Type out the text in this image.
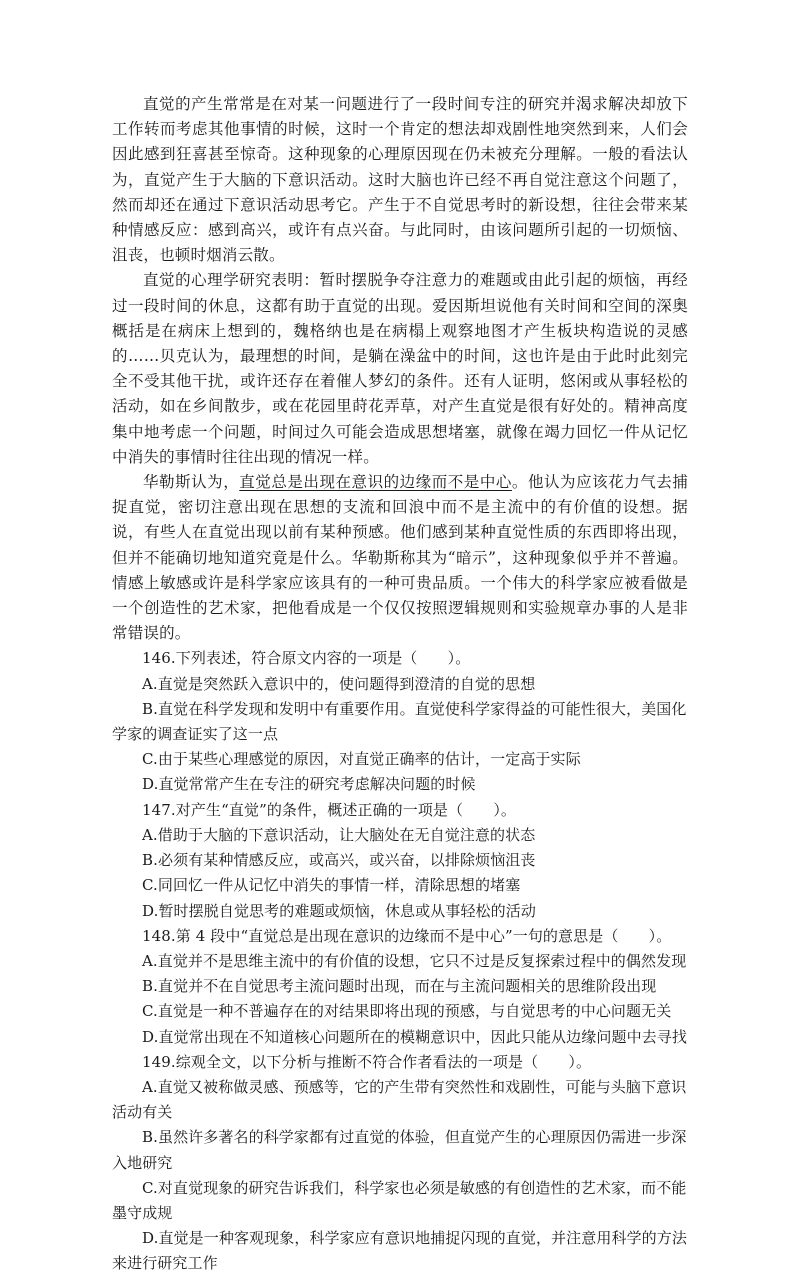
直觉的产生常常是在对某一问题进行了一段时间专注的研究并渴求解决却放下工作转而考虑其他事情的时候，这时一个肯定的想法却戏剧性地突然到来，人们会因此感到狂喜甚至惊奇。这种现象的心理原因现在仍未被充分理解。一般的看法认为，直觉产生于大脑的下意识活动。这时大脑也许已经不再自觉注意这个问题了，然而却还在通过下意识活动思考它。产生于不自觉思考时的新设想，往往会带来某种情感反应：感到高兴，或许有点兴奋。与此同时，由该问题所引起的一切烦恼、沮丧，也顿时烟消云散。

直觉的心理学研究表明：暂时摆脱争夺注意力的难题或由此引起的烦恼，再经过一段时间的休息，这都有助于直觉的出现。爱因斯坦说他有关时间和空间的深奥概括是在病床上想到的，魏格纳也是在病榻上观察地图才产生板块构造说的灵感的……贝克认为，最理想的时间，是躺在澡盆中的时间，这也许是由于此时此刻完全不受其他干扰，或许还存在着催人梦幻的条件。还有人证明，悠闲或从事轻松的活动，如在乡间散步，或在花园里莳花弄草，对产生直觉是很有好处的。精神高度集中地考虑一个问题，时间过久可能会造成思想堵塞，就像在竭力回忆一件从记忆中消失的事情时往往出现的情况一样。

华勒斯认为，直觉总是出现在意识的边缘而不是中心。他认为应该花力气去捕捉直觉，密切注意出现在思想的支流和回浪中而不是主流中的有价值的设想。据说，有些人在直觉出现以前有某种预感。他们感到某种直觉性质的东西即将出现，但并不能确切地知道究竟是什么。华勒斯称其为“暗示”，这种现象似乎并不普遍。情感上敏感或许是科学家应该具有的一种可贵品质。一个伟大的科学家应被看做是一个创造性的艺术家，把他看成是一个仅仅按照逻辑规则和实验规章办事的人是非常错误的。

146.下列表述，符合原文内容的一项是（　　）。

A.直觉是突然跃入意识中的，使问题得到澄清的自觉的思想

B.直觉在科学发现和发明中有重要作用。直觉使科学家得益的可能性很大，美国化学家的调查证实了这一点

C.由于某些心理感觉的原因，对直觉正确率的估计，一定高于实际

D.直觉常常产生在专注的研究考虑解决问题的时候

147.对产生“直觉”的条件，概述正确的一项是（　　）。

A.借助于大脑的下意识活动，让大脑处在无自觉注意的状态

B.必须有某种情感反应，或高兴，或兴奋，以排除烦恼沮丧

C.同回忆一件从记忆中消失的事情一样，清除思想的堵塞

D.暂时摆脱自觉思考的难题或烦恼，休息或从事轻松的活动

148.第 4 段中“直觉总是出现在意识的边缘而不是中心”一句的意思是（　　）。

A.直觉并不是思维主流中的有价值的设想，它只不过是反复探索过程中的偶然发现

B.直觉并不在自觉思考主流问题时出现，而在与主流问题相关的思维阶段出现

C.直觉是一种不普遍存在的对结果即将出现的预感，与自觉思考的中心问题无关

D.直觉常出现在不知道核心问题所在的模糊意识中，因此只能从边缘问题中去寻找

149.综观全文，以下分析与推断不符合作者看法的一项是（　　）。

A.直觉又被称做灵感、预感等，它的产生带有突然性和戏剧性，可能与头脑下意识活动有关

B.虽然许多著名的科学家都有过直觉的体验，但直觉产生的心理原因仍需进一步深入地研究

C.对直觉现象的研究告诉我们，科学家也必须是敏感的有创造性的艺术家，而不能墨守成规

D.直觉是一种客观现象，科学家应有意识地捕捉闪现的直觉，并注意用科学的方法来进行研究工作
